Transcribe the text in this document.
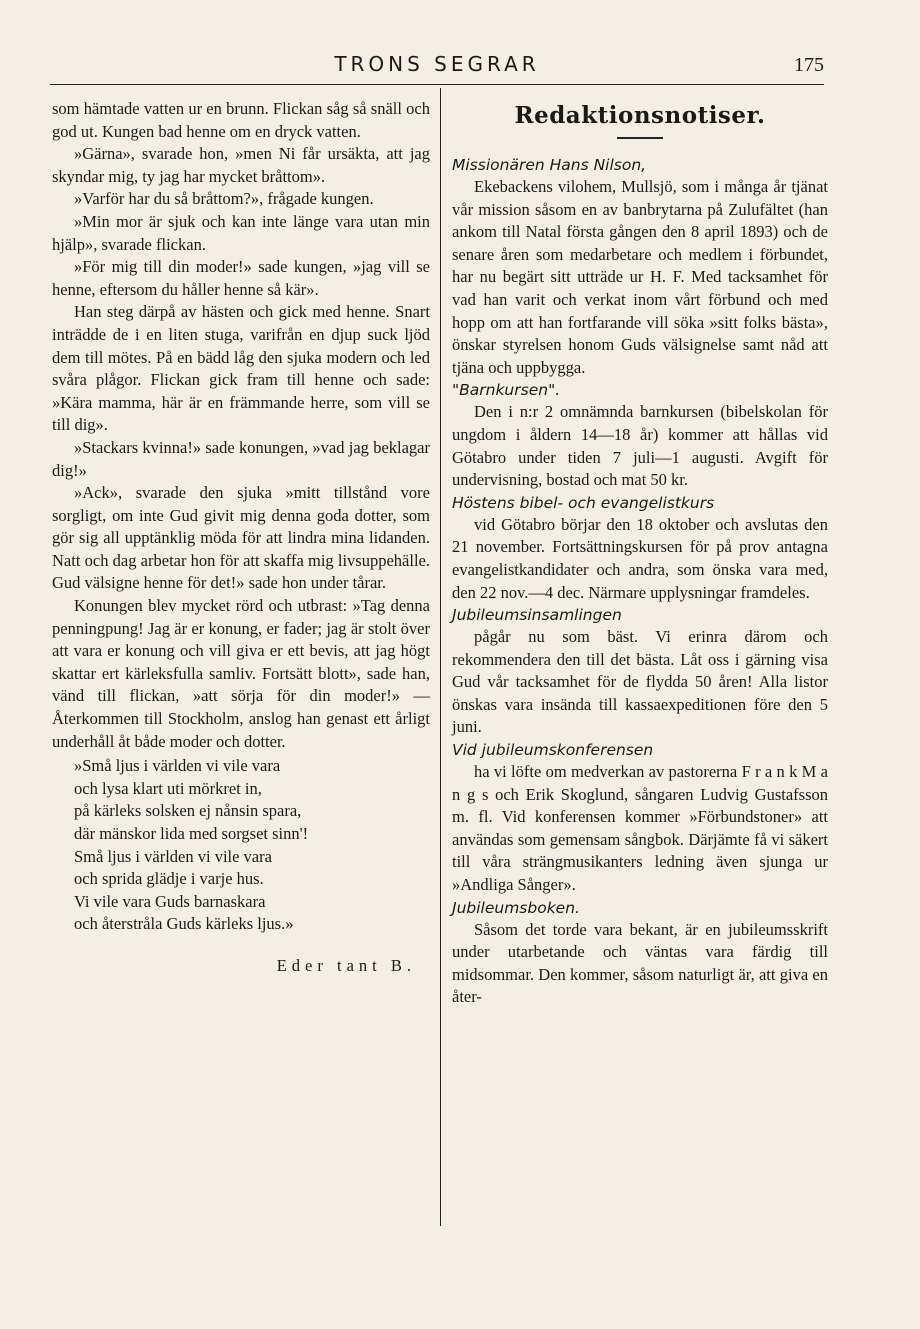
TRONS SEGRAR	175

som hämtade vatten ur en brunn. Flickan såg så snäll och god ut. Kungen bad henne om en dryck vatten.

»Gärna», svarade hon, »men Ni får ursäkta, att jag skyndar mig, ty jag har mycket bråttom».

»Varför har du så bråttom?», frågade kungen.

»Min mor är sjuk och kan inte länge vara utan min hjälp», svarade flickan.

»För mig till din moder!» sade kungen, »jag vill se henne, eftersom du håller henne så kär».

Han steg därpå av hästen och gick med henne. Snart inträdde de i en liten stuga, varifrån en djup suck ljöd dem till mötes. På en bädd låg den sjuka modern och led svåra plågor. Flickan gick fram till henne och sade: »Kära mamma, här är en främmande herre, som vill se till dig».

»Stackars kvinna!» sade konungen, »vad jag beklagar dig!»

»Ack», svarade den sjuka »mitt tillstånd vore sorgligt, om inte Gud givit mig denna goda dotter, som gör sig all upptänklig möda för att lindra mina lidanden. Natt och dag arbetar hon för att skaffa mig livsuppehälle. Gud välsigne henne för det!» sade hon under tårar.

Konungen blev mycket rörd och utbrast: »Tag denna penningpung! Jag är er konung, er fader; jag är stolt över att vara er konung och vill giva er ett bevis, att jag högt skattar ert kärleksfulla samliv. Fortsätt blott», sade han, vänd till flickan, »att sörja för din moder!» — Återkommen till Stockholm, anslog han genast ett årligt underhåll åt både moder och dotter.

»Små ljus i världen vi vile vara
och lysa klart uti mörkret in,
på kärleks solsken ej nånsin spara,
där mänskor lida med sorgset sinn'!
Små ljus i världen vi vile vara
och sprida glädje i varje hus.
Vi vile vara Guds barnaskara
och återstråla Guds kärleks ljus.»
Eder tant B.
Redaktionsnotiser.
Missionären Hans Nilson,

Ekebackens vilohem, Mullsjö, som i många år tjänat vår mission såsom en av banbrytarna på Zulufältet (han ankom till Natal första gången den 8 april 1893) och de senare åren som medarbetare och medlem i förbundet, har nu begärt sitt utträde ur H. F. Med tacksamhet för vad han varit och verkat inom vårt förbund och med hopp om att han fortfarande vill söka »sitt folks bästa», önskar styrelsen honom Guds välsignelse samt nåd att tjäna och uppbygga.

"Barnkursen".

Den i n:r 2 omnämnda barnkursen (bibelskolan för ungdom i åldern 14—18 år) kommer att hållas vid Götabro under tiden 7 juli—1 augusti. Avgift för undervisning, bostad och mat 50 kr.

Höstens bibel- och evangelistkurs

vid Götabro börjar den 18 oktober och avslutas den 21 november. Fortsättningskursen för på prov antagna evangelistkandidater och andra, som önska vara med, den 22 nov.—4 dec. Närmare upplysningar framdeles.

Jubileumsinsamlingen

pågår nu som bäst. Vi erinra därom och rekommendera den till det bästa. Låt oss i gärning visa Gud vår tacksamhet för de flydda 50 åren! Alla listor önskas vara insända till kassaexpeditionen före den 5 juni.

Vid jubileumskonferensen

ha vi löfte om medverkan av pastorerna F r a n k M a n g s och Erik Skoglund, sångaren Ludvig Gustafsson m. fl. Vid konferensen kommer »Förbundstoner» att användas som gemensam sångbok. Därjämte få vi säkert till våra strängmusikanters ledning även sjunga ur »Andliga Sånger».

Jubileumsboken.

Såsom det torde vara bekant, är en jubileumsskrift under utarbetande och väntas vara färdig till midsommar. Den kommer, såsom naturligt är, att giva en åter-
